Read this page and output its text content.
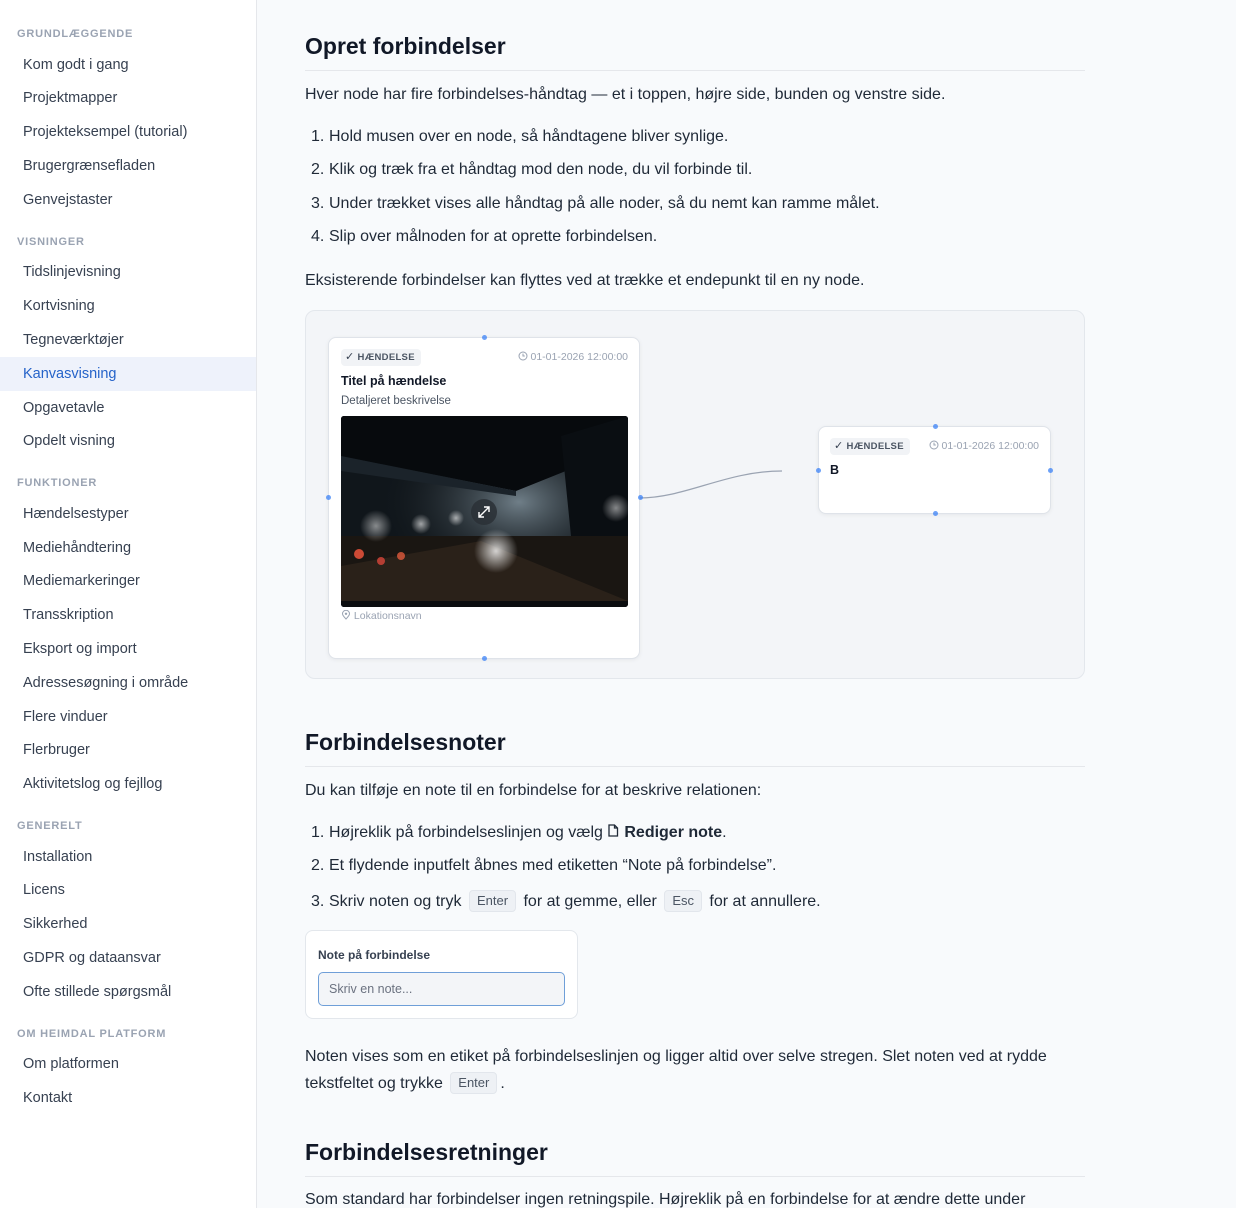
GRUNDLÆGGENDE
Kom godt i gang
Projektmapper
Projekteksempel (tutorial)
Brugergrænsefladen
Genvejstaster
VISNINGER
Tidslinjevisning
Kortvisning
Tegneværktøjer
Kanvasvisning
Opgavetavle
Opdelt visning
FUNKTIONER
Hændelsestyper
Mediehåndtering
Mediemarkeringer
Transskription
Eksport og import
Adressesøgning i område
Flere vinduer
Flerbruger
Aktivitetslog og fejllog
GENERELT
Installation
Licens
Sikkerhed
GDPR og dataansvar
Ofte stillede spørgsmål
OM HEIMDAL PLATFORM
Om platformen
Kontakt
Opret forbindelser

Hver node har fire forbindelses-håndtag — et i toppen, højre side, bunden og venstre side.

1. Hold musen over en node, så håndtagene bliver synlige.
2. Klik og træk fra et håndtag mod den node, du vil forbinde til.
3. Under trækket vises alle håndtag på alle noder, så du nemt kan ramme målet.
4. Slip over målnoden for at oprette forbindelsen.

Eksisterende forbindelser kan flyttes ved at trække et endepunkt til en ny node.

✓ HÆNDELSE	01-01-2026 12:00:00
Titel på hændelse
Detaljeret beskrivelse
Lokationsnavn
✓ HÆNDELSE	01-01-2026 12:00:00
B
Forbindelsesnoter

Du kan tilføje en note til en forbindelse for at beskrive relationen:

1. Højreklik på forbindelseslinjen og vælg Rediger note.
2. Et flydende inputfelt åbnes med etiketten “Note på forbindelse”.
3. Skriv noten og tryk Enter for at gemme, eller Esc for at annullere.
Note på forbindelse
Skriv en note...

Noten vises som en etiket på forbindelseslinjen og ligger altid over selve stregen. Slet noten ved at rydde tekstfeltet og trykke Enter .

Forbindelsesretninger

Som standard har forbindelser ingen retningspile. Højreklik på en forbindelse for at ændre dette under
